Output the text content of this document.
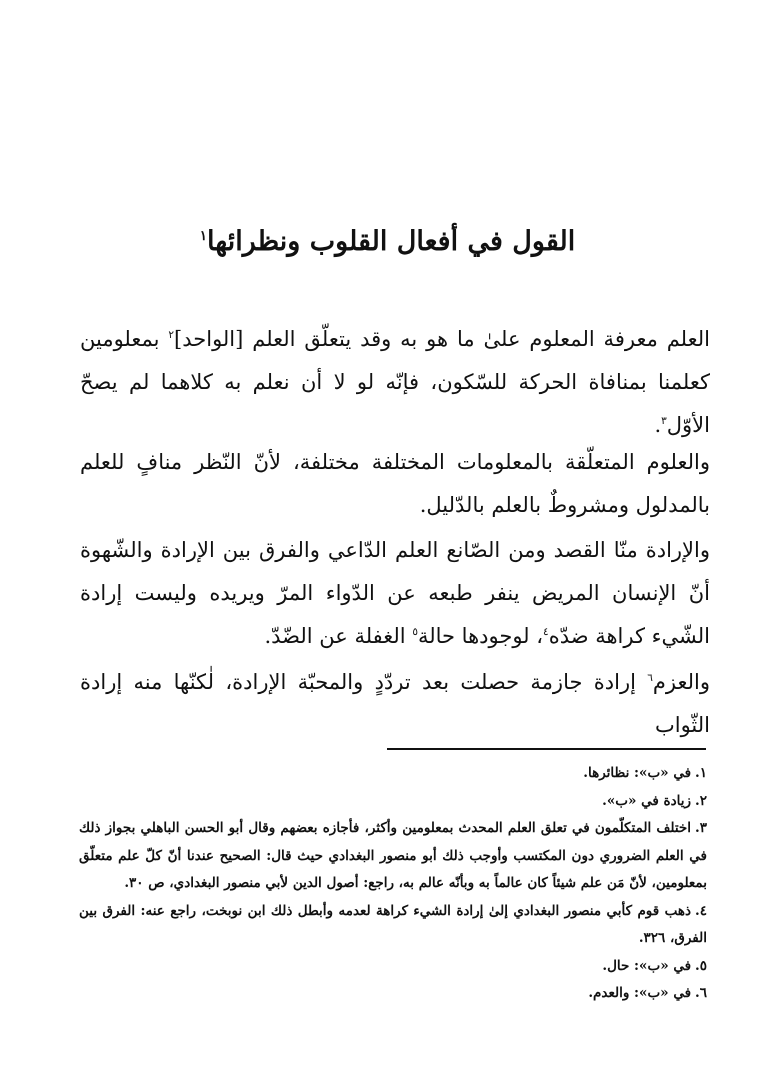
القول في أفعال القلوب ونظرائها$^١$

العلم معرفة المعلوم علىٰ ما هو به وقد يتعلّق العلم [الواحد]$^٢$ بمعلومين كعلمنا بمنافاة الحركة للسّكون، فإنّه لو لا أن نعلم به كلاهما لم يصحّ الأوّل$^٣$.

والعلوم المتعلّقة بالمعلومات المختلفة مختلفة، لأنّ النّظر منافٍ للعلم بالمدلول ومشروطٌ بالعلم بالدّليل.

والإرادة منّا القصد ومن الصّانع العلم الدّاعي والفرق بين الإرادة والشّهوة أنّ الإنسان المريض ينفر طبعه عن الدّواء المرّ ويريده وليست إرادة الشّيء كراهة ضدّه$^٤$، لوجودها حالة$^٥$ الغفلة عن الضّدّ.

والعزم$^٦$ إرادة جازمة حصلت بعد تردّدٍ والمحبّة الإرادة، لٰكنّها منه إرادة الثّواب

١.في «ب»: نظائرها.

٢.زيادة في «ب».

٣.اختلف المتكلّمون في تعلق العلم المحدث بمعلومين وأكثر، فأجازه بعضهم وقال أبو الحسن الباهلي بجواز ذلك في العلم الضروري دون المكتسب وأوجب ذلك أبو منصور البغدادي حيث قال: الصحيح عندنا أنّ كلّ علم متعلّق بمعلومين، لأنّ مَن علم شيئاً كان عالماً به وبأنّه عالم به، راجع: أصول الدين لأبي منصور البغدادي، ص ٣٠.

٤.ذهب قوم كأبي منصور البغدادي إلىٰ إرادة الشيء كراهة لعدمه وأبطل ذلك ابن نوبخت، راجع عنه: الفرق بين الفرق، ٣٢٦.

٥.في «ب»: حال.

٦.في «ب»: والعدم.
